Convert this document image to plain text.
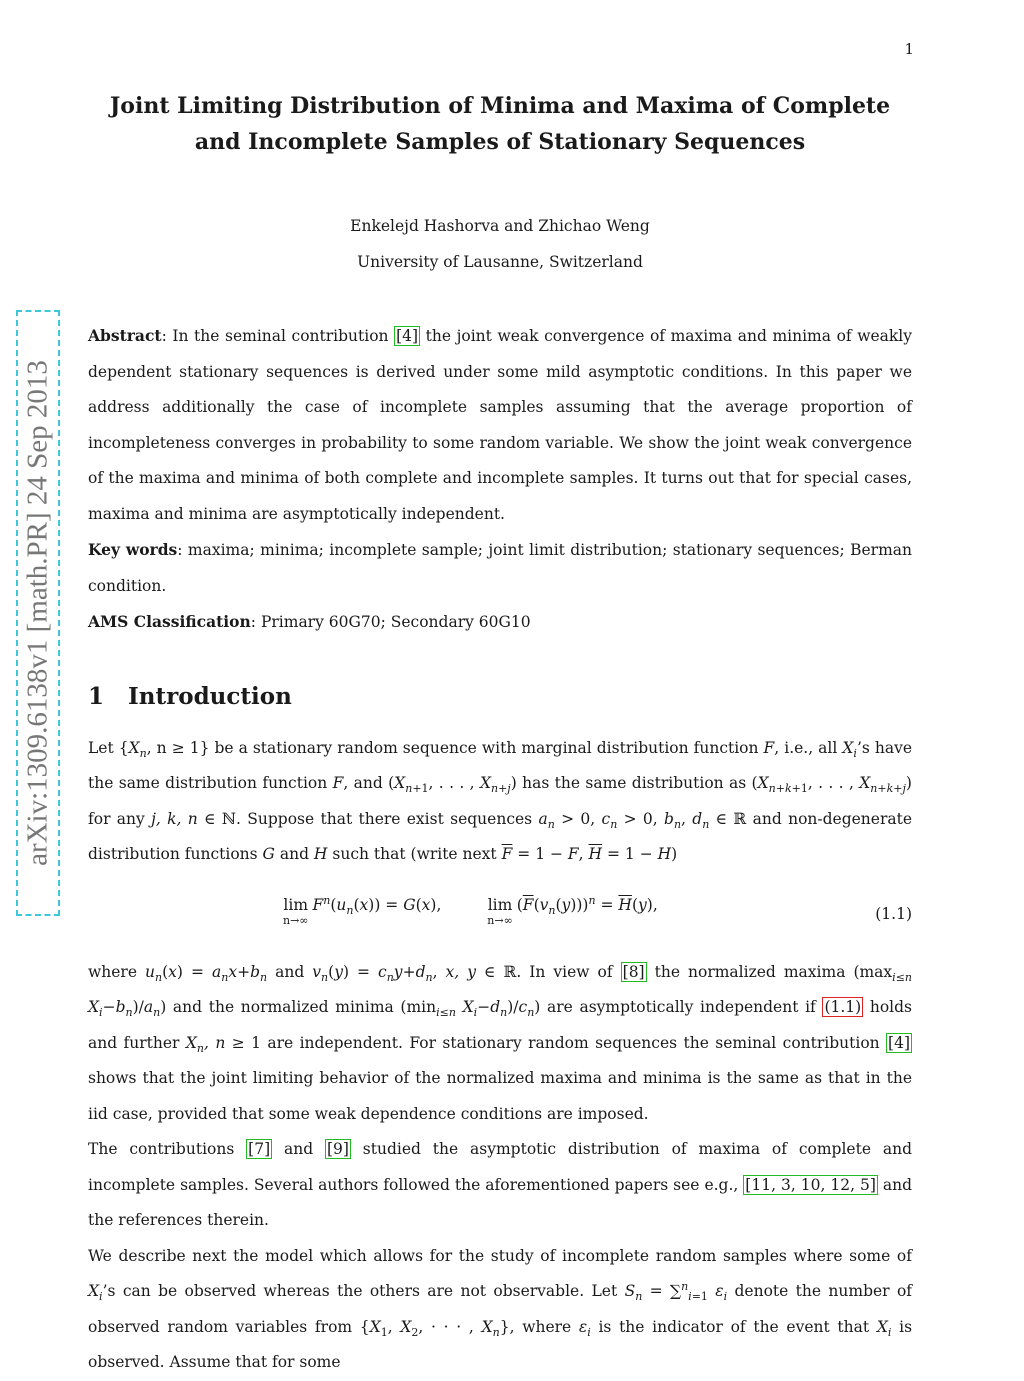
1
arXiv:1309.6138v1 [math.PR] 24 Sep 2013
Joint Limiting Distribution of Minima and Maxima of Complete
and Incomplete Samples of Stationary Sequences
Enkelejd Hashorva and Zhichao Weng
University of Lausanne, Switzerland

Abstract: In the seminal contribution [4] the joint weak convergence of maxima and minima of weakly dependent stationary sequences is derived under some mild asymptotic conditions. In this paper we address additionally the case of incomplete samples assuming that the average proportion of incompleteness converges in probability to some random variable. We show the joint weak convergence of the maxima and minima of both complete and incomplete samples. It turns out that for special cases, maxima and minima are asymptotically independent.

Key words: maxima; minima; incomplete sample; joint limit distribution; stationary sequences; Berman condition.

AMS Classification: Primary 60G70; Secondary 60G10

1 Introduction

Let {$X_n$, n ≥ 1} be a stationary random sequence with marginal distribution function F, i.e., all $X_i’s$ have the same distribution function F, and ($X_{n+1}$, . . . , $X_{n+j}$) has the same distribution as ($X_{n+k+1}$, . . . , $X_{n+k+j}$) for any j, k, n ∈ ℕ. Suppose that there exist sequences $a_n > 0$, $c_n > 0$, $b_n$, $d_n$ ∈ ℝ and non-degenerate distribution functions G and H such that (write next $\overline{F} = 1 - F$, $\overline{H} = 1 - H$)

lim
n→∞
$F^n(u_n(x)) = G(x)$,	lim
n→∞
$(\overline{F}(v_n(y)))^n = \overline{H}(y)$,	(1.1)

where $u_n(x) = a_nx+b_n$ and $v_n(y) = c_ny+d_n$, x, y ∈ ℝ. In view of [8] the normalized maxima ($\max_{i\le n}$ $X_i-b_n)/a_n$) and the normalized minima ($\min_{i\le n}$ $X_i-d_n)/c_n$) are asymptotically independent if (1.1) holds and further $X_n$, n ≥ 1 are independent. For stationary random sequences the seminal contribution [4] shows that the joint limiting behavior of the normalized maxima and minima is the same as that in the iid case, provided that some weak dependence conditions are imposed.

The contributions [7] and [9] studied the asymptotic distribution of maxima of complete and incomplete samples. Several authors followed the aforementioned papers see e.g., [11, 3, 10, 12, 5] and the references therein.

We describe next the model which allows for the study of incomplete random samples where some of $X_i’s$ can be observed whereas the others are not observable. Let $S_n = \sum^n_{i=1}$ $\varepsilon_i$ denote the number of observed random variables from {$X_1$, $X_2$, · · · , $X_n$}, where $\varepsilon_i$ is the indicator of the event that $X_i$ is observed. Assume that for some
